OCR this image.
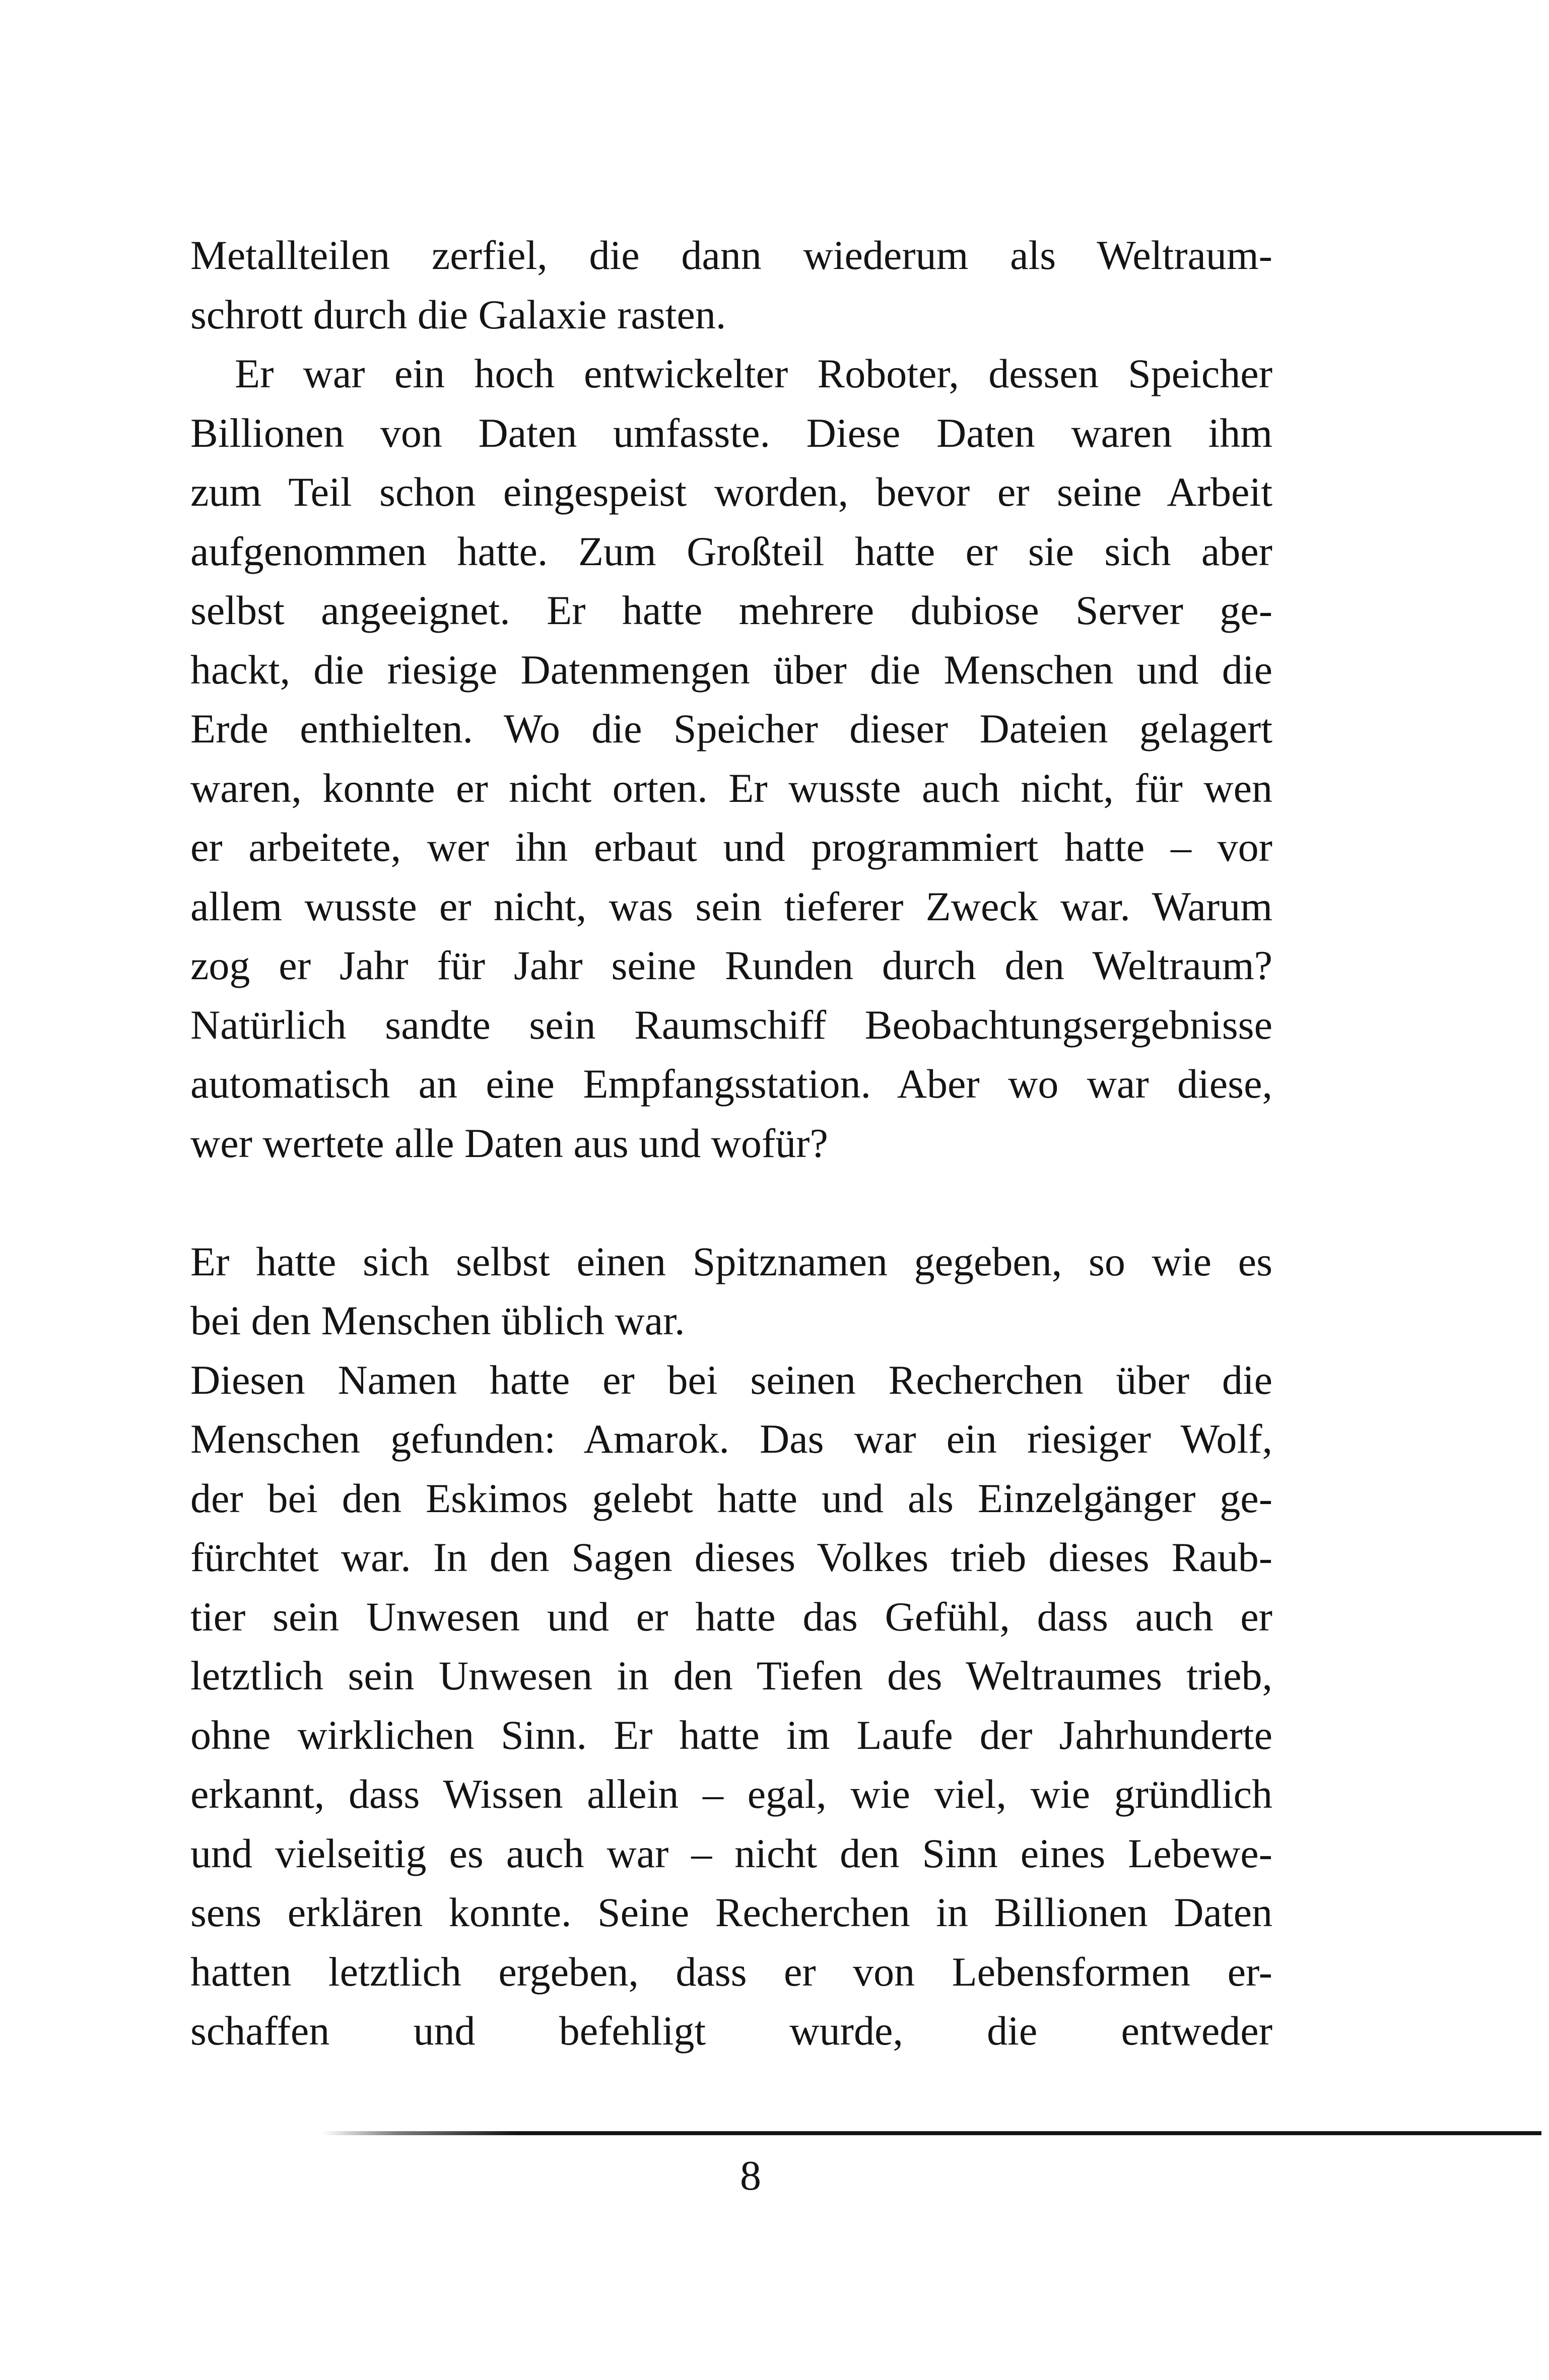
Metallteilen zerfiel, die dann wiederum als Weltraum-
schrott durch die Galaxie rasten.
Er war ein hoch entwickelter Roboter, dessen Speicher
Billionen von Daten umfasste. Diese Daten waren ihm
zum Teil schon eingespeist worden, bevor er seine Arbeit
aufgenommen hatte. Zum Großteil hatte er sie sich aber
selbst angeeignet. Er hatte mehrere dubiose Server ge-
hackt, die riesige Datenmengen über die Menschen und die
Erde enthielten. Wo die Speicher dieser Dateien gelagert
waren, konnte er nicht orten. Er wusste auch nicht, für wen
er arbeitete, wer ihn erbaut und programmiert hatte – vor
allem wusste er nicht, was sein tieferer Zweck war. Warum
zog er Jahr für Jahr seine Runden durch den Weltraum?
Natürlich sandte sein Raumschiff Beobachtungsergebnisse
automatisch an eine Empfangsstation. Aber wo war diese,
wer wertete alle Daten aus und wofür?
Er hatte sich selbst einen Spitznamen gegeben, so wie es
bei den Menschen üblich war.
Diesen Namen hatte er bei seinen Recherchen über die
Menschen gefunden: Amarok. Das war ein riesiger Wolf,
der bei den Eskimos gelebt hatte und als Einzelgänger ge-
fürchtet war. In den Sagen dieses Volkes trieb dieses Raub-
tier sein Unwesen und er hatte das Gefühl, dass auch er
letztlich sein Unwesen in den Tiefen des Weltraumes trieb,
ohne wirklichen Sinn. Er hatte im Laufe der Jahrhunderte
erkannt, dass Wissen allein – egal, wie viel, wie gründlich
und vielseitig es auch war – nicht den Sinn eines Lebewe-
sens erklären konnte. Seine Recherchen in Billionen Daten
hatten letztlich ergeben, dass er von Lebensformen er-
schaffen und befehligt wurde, die entweder
8
